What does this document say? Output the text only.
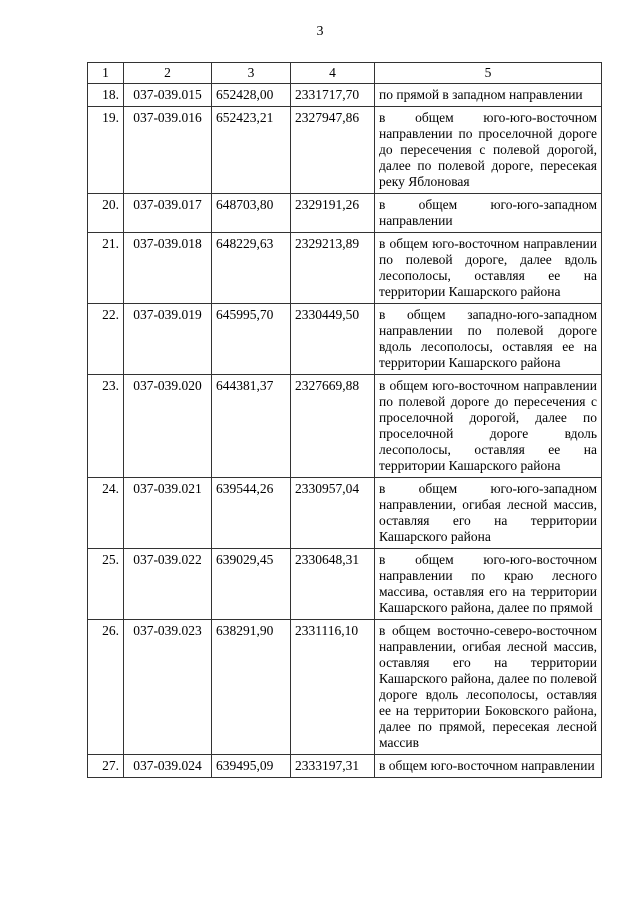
3
1	2	3	4	5
18.	037-039.015	652428,00	2331717,70	по прямой в западном направлении
19.	037-039.016	652423,21	2327947,86	в общем юго-юго-восточном направлении по проселочной дороге до пересечения с полевой дорогой, далее по полевой дороге, пересекая реку Яблоновая
20.	037-039.017	648703,80	2329191,26	в общем юго-юго-западном направлении
21.	037-039.018	648229,63	2329213,89	в общем юго-восточном направлении по полевой дороге, далее вдоль лесополосы, оставляя ее на территории Кашарского района
22.	037-039.019	645995,70	2330449,50	в общем западно-юго-западном направлении по полевой дороге вдоль лесополосы, оставляя ее на территории Кашарского района
23.	037-039.020	644381,37	2327669,88	в общем юго-восточном направлении по полевой дороге до пересечения с проселочной дорогой, далее по проселочной дороге вдоль лесополосы, оставляя ее на территории Кашарского района
24.	037-039.021	639544,26	2330957,04	в общем юго-юго-западном направлении, огибая лесной массив, оставляя его на территории Кашарского района
25.	037-039.022	639029,45	2330648,31	в общем юго-юго-восточном направлении по краю лесного массива, оставляя его на территории Кашарского района, далее по прямой
26.	037-039.023	638291,90	2331116,10	в общем восточно-северо-восточном направлении, огибая лесной массив, оставляя его на территории Кашарского района, далее по полевой дороге вдоль лесополосы, оставляя ее на территории Боковского района, далее по прямой, пересекая лесной массив
27.	037-039.024	639495,09	2333197,31	в общем юго-восточном направлении
